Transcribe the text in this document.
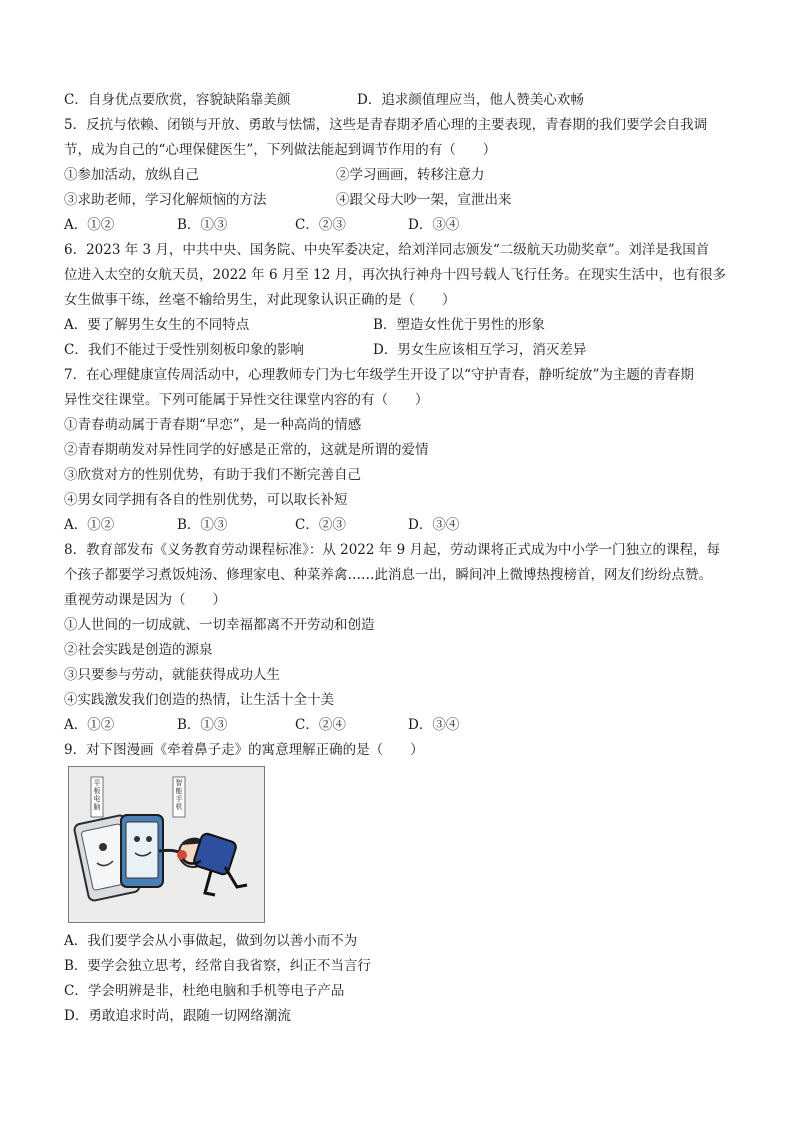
C．自身优点要欣赏，容貌缺陷靠美颜	D．追求颜值理应当，他人赞美心欢畅
5．反抗与依赖、闭锁与开放、勇敢与怯懦，这些是青春期矛盾心理的主要表现，青春期的我们要学会自我调
节，成为自己的“心理保健医生”，下列做法能起到调节作用的有（　　）
①参加活动，放纵自己	②学习画画，转移注意力
③求助老师，学习化解烦恼的方法	④跟父母大吵一架，宣泄出来
A．①②	B．①③	C．②③	D．③④
6．2023 年 3 月，中共中央、国务院、中央军委决定，给刘洋同志颁发“二级航天功勋奖章”。刘洋是我国首
位进入太空的女航天员，2022 年 6 月至 12 月，再次执行神舟十四号载人飞行任务。在现实生活中，也有很多
女生做事干练，丝毫不输给男生，对此现象认识正确的是（　　）
A．要了解男生女生的不同特点	B．塑造女性优于男性的形象
C．我们不能过于受性别刻板印象的影响	D．男女生应该相互学习，消灭差异
7．在心理健康宣传周活动中，心理教师专门为七年级学生开设了以“守护青春，静听绽放”为主题的青春期
异性交往课堂。下列可能属于异性交往课堂内容的有（　　）
①青春萌动属于青春期“早恋”，是一种高尚的情感
②青春期萌发对异性同学的好感是正常的，这就是所谓的爱情
③欣赏对方的性别优势，有助于我们不断完善自己
④男女同学拥有各自的性别优势，可以取长补短
A．①②	B．①③	C．②③	D．③④
8．教育部发布《义务教育劳动课程标准》：从 2022 年 9 月起，劳动课将正式成为中小学一门独立的课程，每
个孩子都要学习煮饭炖汤、修理家电、种菜养禽……此消息一出，瞬间冲上微博热搜榜首，网友们纷纷点赞。
重视劳动课是因为（　　）
①人世间的一切成就、一切幸福都离不开劳动和创造
②社会实践是创造的源泉
③只要参与劳动，就能获得成功人生
④实践激发我们创造的热情，让生活十全十美
A．①②	B．①③	C．②④	D．③④
9．对下图漫画《牵着鼻子走》的寓意理解正确的是（　　）
平板电脑
智能手机
A．我们要学会从小事做起，做到勿以善小而不为
B．要学会独立思考，经常自我省察，纠正不当言行
C．学会明辨是非，杜绝电脑和手机等电子产品
D．勇敢追求时尚，跟随一切网络潮流
